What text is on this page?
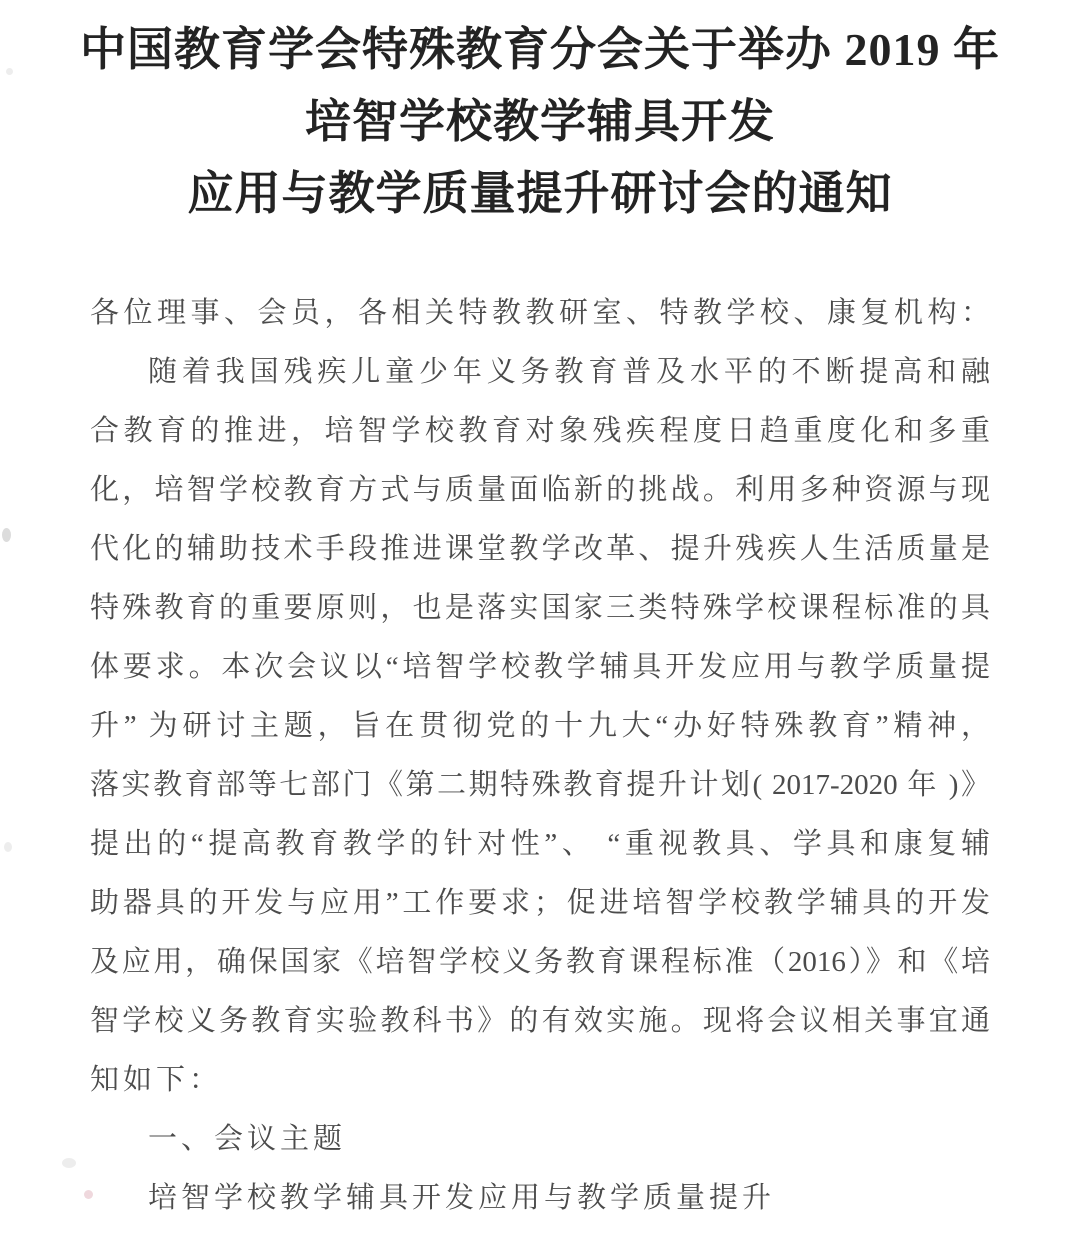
中国教育学会特殊教育分会关于举办 2019 年
培智学校教学辅具开发
应用与教学质量提升研讨会的通知
各位理事、会员，各相关特教教研室、特教学校、康复机构：
随着我国残疾儿童少年义务教育普及水平的不断提高和融
合教育的推进，培智学校教育对象残疾程度日趋重度化和多重
化，培智学校教育方式与质量面临新的挑战。利用多种资源与现
代化的辅助技术手段推进课堂教学改革、提升残疾人生活质量是
特殊教育的重要原则，也是落实国家三类特殊学校课程标准的具
体要求。本次会议以“培智学校教学辅具开发应用与教学质量提
升” 为研讨主题，旨在贯彻党的十九大“办好特殊教育”精神，
落实教育部等七部门《第二期特殊教育提升计划( 2017-2020 年 )》
提出的“提高教育教学的针对性”、 “重视教具、学具和康复辅
助器具的开发与应用”工作要求；促进培智学校教学辅具的开发
及应用，确保国家《培智学校义务教育课程标准（2016）》和《培
智学校义务教育实验教科书》的有效实施。现将会议相关事宜通
知如下：
一、会议主题
培智学校教学辅具开发应用与教学质量提升
